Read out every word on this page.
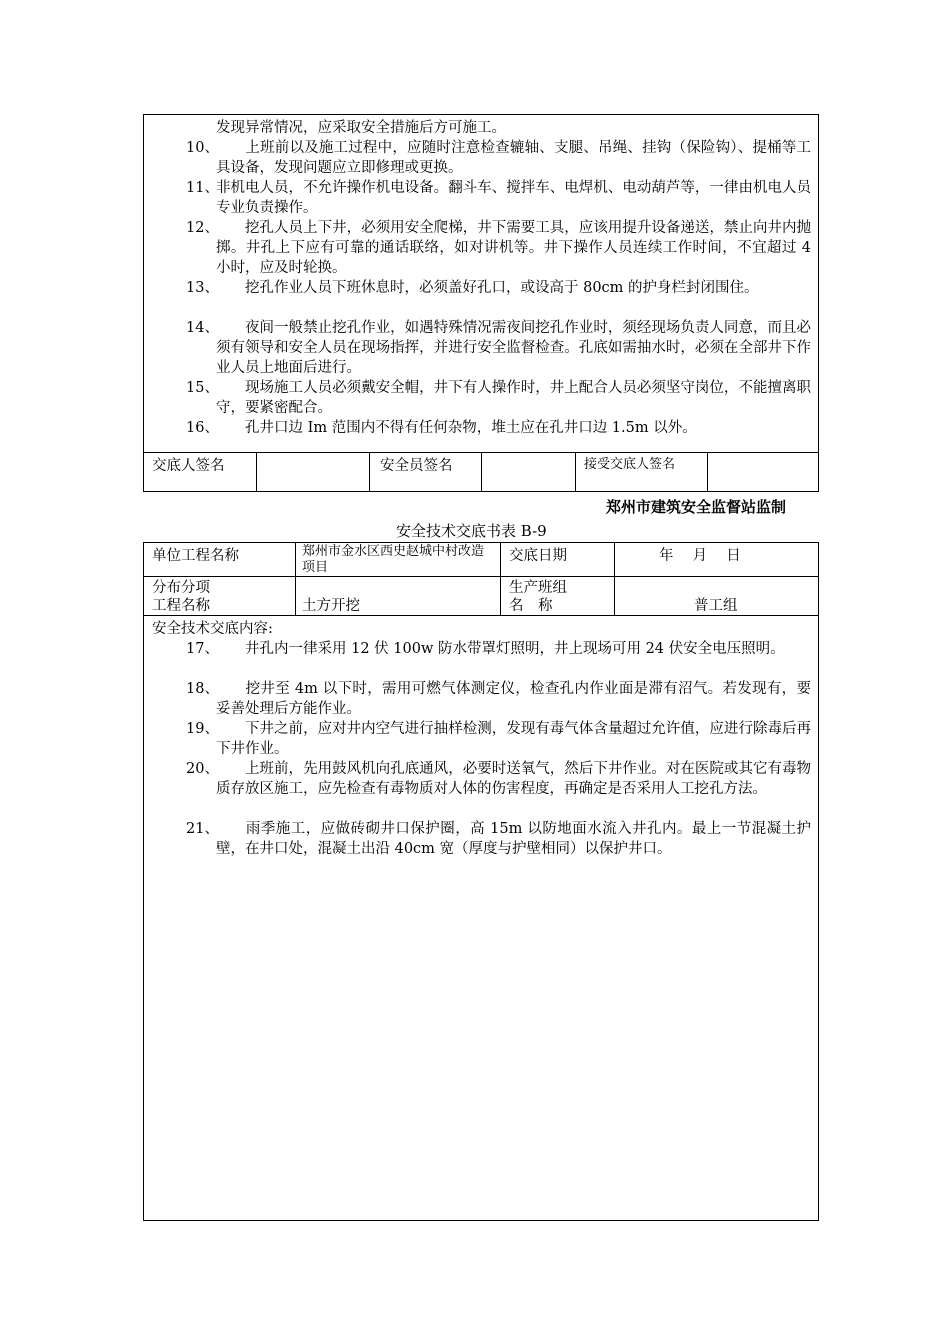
发现异常情况，应采取安全措施后方可施工。
10、
　　上班前以及施工过程中，应随时注意检查辘轴、支腿、吊绳、挂钩（保险钩）、提桶等工具设备，发现问题应立即修理或更换。
11、
非机电人员，不允许操作机电设备。翻斗车、搅拌车、电焊机、电动葫芦等，一律由机电人员专业负责操作。
12、
　　挖孔人员上下井，必须用安全爬梯，井下需要工具，应该用提升设备递送，禁止向井内抛掷。井孔上下应有可靠的通话联络，如对讲机等。井下操作人员连续工作时间，不宜超过 4 小时，应及时轮换。
13、
　　挖孔作业人员下班休息时，必须盖好孔口，或设高于 80cm 的护身栏封闭围住。
14、
　　夜间一般禁止挖孔作业，如遇特殊情况需夜间挖孔作业时，须经现场负责人同意，而且必须有领导和安全人员在现场指挥，并进行安全监督检查。孔底如需抽水时，必须在全部井下作业人员上地面后进行。
15、
　　现场施工人员必须戴安全帽，井下有人操作时，井上配合人员必须坚守岗位，不能擅离职守，要紧密配合。
16、
　　孔井口边 Im 范围内不得有任何杂物，堆土应在孔井口边 1.5m 以外。
交底人签名	安全员签名	接受交底人签名
郑州市建筑安全监督站监制
安全技术交底书表 B-9
单位工程名称	郑州市金水区西史赵城中村改造项目
交底日期	年　 月　 日
分布分项
工程名称	土方开挖
生产班组
名　称	普工组
安全技术交底内容:
17、
　　井孔内一律采用 12 伏 100w 防水带罩灯照明，井上现场可用 24 伏安全电压照明。
18、
　　挖井至 4m 以下时，需用可燃气体测定仪，检查孔内作业面是滞有沼气。若发现有，要妥善处理后方能作业。
19、
　　下井之前，应对井内空气进行抽样检测，发现有毒气体含量超过允许值，应进行除毒后再下井作业。
20、
　　上班前，先用鼓风机向孔底通风，必要时送氧气，然后下井作业。对在医院或其它有毒物质存放区施工，应先检查有毒物质对人体的伤害程度，再确定是否采用人工挖孔方法。
21、
　　雨季施工，应做砖砌井口保护圈，高 15m 以防地面水流入井孔内。最上一节混凝土护壁，在井口处，混凝土出沿 40cm 宽（厚度与护壁相同）以保护井口。
